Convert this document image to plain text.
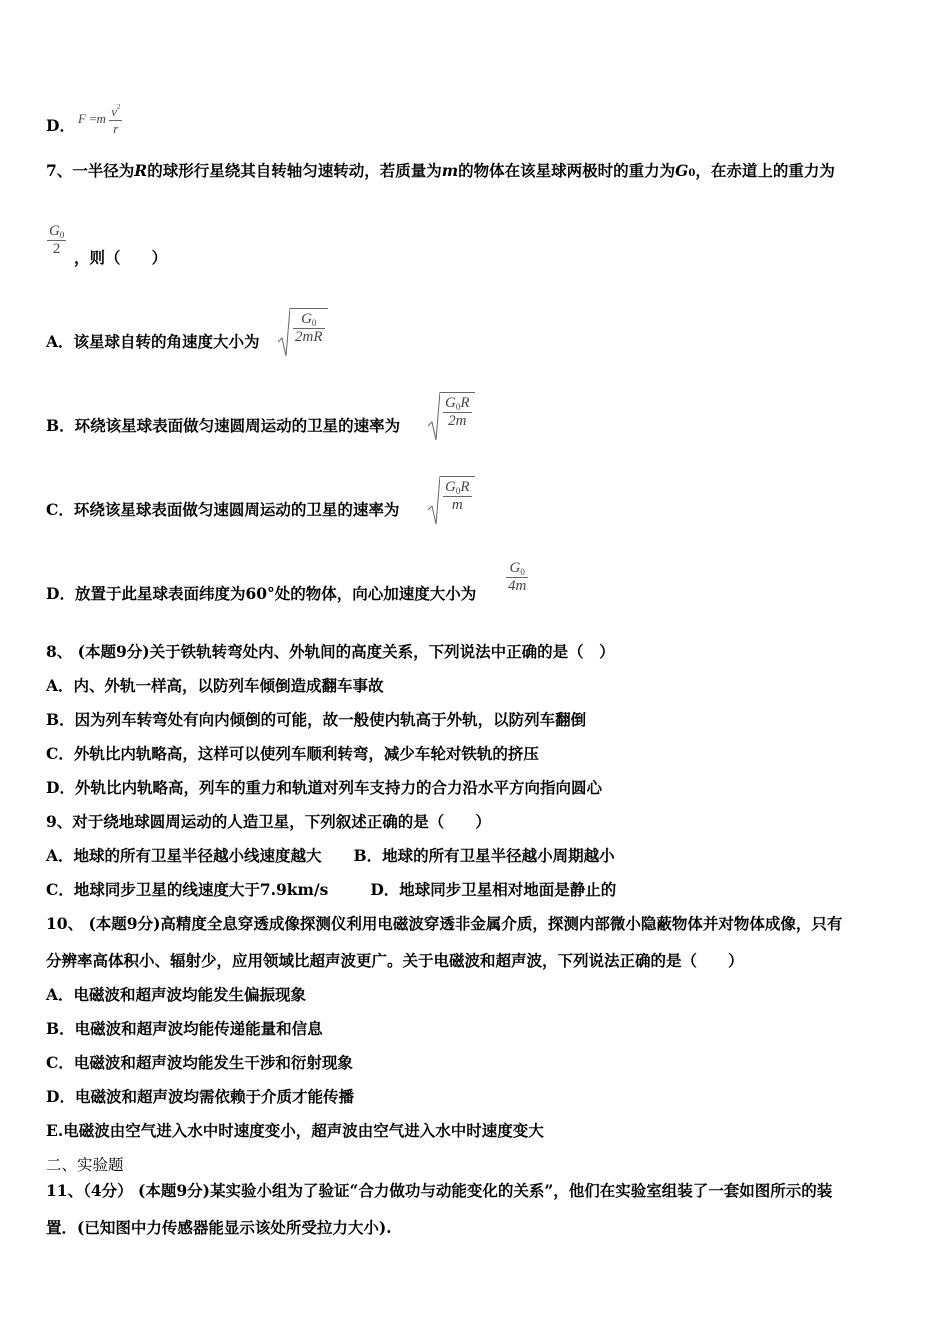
D． $F =m \frac{v^2}{r}$
7、一半径为R的球形行星绕其自转轴匀速转动，若质量为m的物体在该星球两极时的重力为G0，在赤道上的重力为
$\frac{G_0}{2}$ ，则（　　）
A．该星球自转的角速度大小为 $\frac{G_0}{2mR}$
B．环绕该星球表面做匀速圆周运动的卫星的速率为	$\frac{G_0R}{2m}$
C．环绕该星球表面做匀速圆周运动的卫星的速率为	$\frac{G_0R}{m}$
D．放置于此星球表面纬度为60°处的物体，向心加速度大小为 $\frac{G_0}{4m}$
8、 (本题9分)关于铁轨转弯处内、外轨间的高度关系，下列说法中正确的是（　）
A．内、外轨一样高，以防列车倾倒造成翻车事故
B．因为列车转弯处有向内倾倒的可能，故一般使内轨高于外轨，以防列车翻倒
C．外轨比内轨略高，这样可以使列车顺利转弯，减少车轮对铁轨的挤压
D．外轨比内轨略高，列车的重力和轨道对列车支持力的合力沿水平方向指向圆心
9、对于绕地球圆周运动的人造卫星，下列叙述正确的是（　　）
A．地球的所有卫星半径越小线速度越大 B．地球的所有卫星半径越小周期越小
C．地球同步卫星的线速度大于7.9km/s	D．地球同步卫星相对地面是静止的
10、 (本题9分)高精度全息穿透成像探测仪利用电磁波穿透非金属介质，探测内部微小隐蔽物体并对物体成像，只有
分辨率高体积小、辐射少，应用领域比超声波更广。关于电磁波和超声波，下列说法正确的是（　　）
A．电磁波和超声波均能发生偏振现象
B．电磁波和超声波均能传递能量和信息
C．电磁波和超声波均能发生干涉和衍射现象
D．电磁波和超声波均需依赖于介质才能传播
E.电磁波由空气进入水中时速度变小，超声波由空气进入水中时速度变大
二、实验题
11、（4分） (本题9分)某实验小组为了验证“合力做功与动能变化的关系”，他们在实验室组装了一套如图所示的装
置．(已知图中力传感器能显示该处所受拉力大小).
